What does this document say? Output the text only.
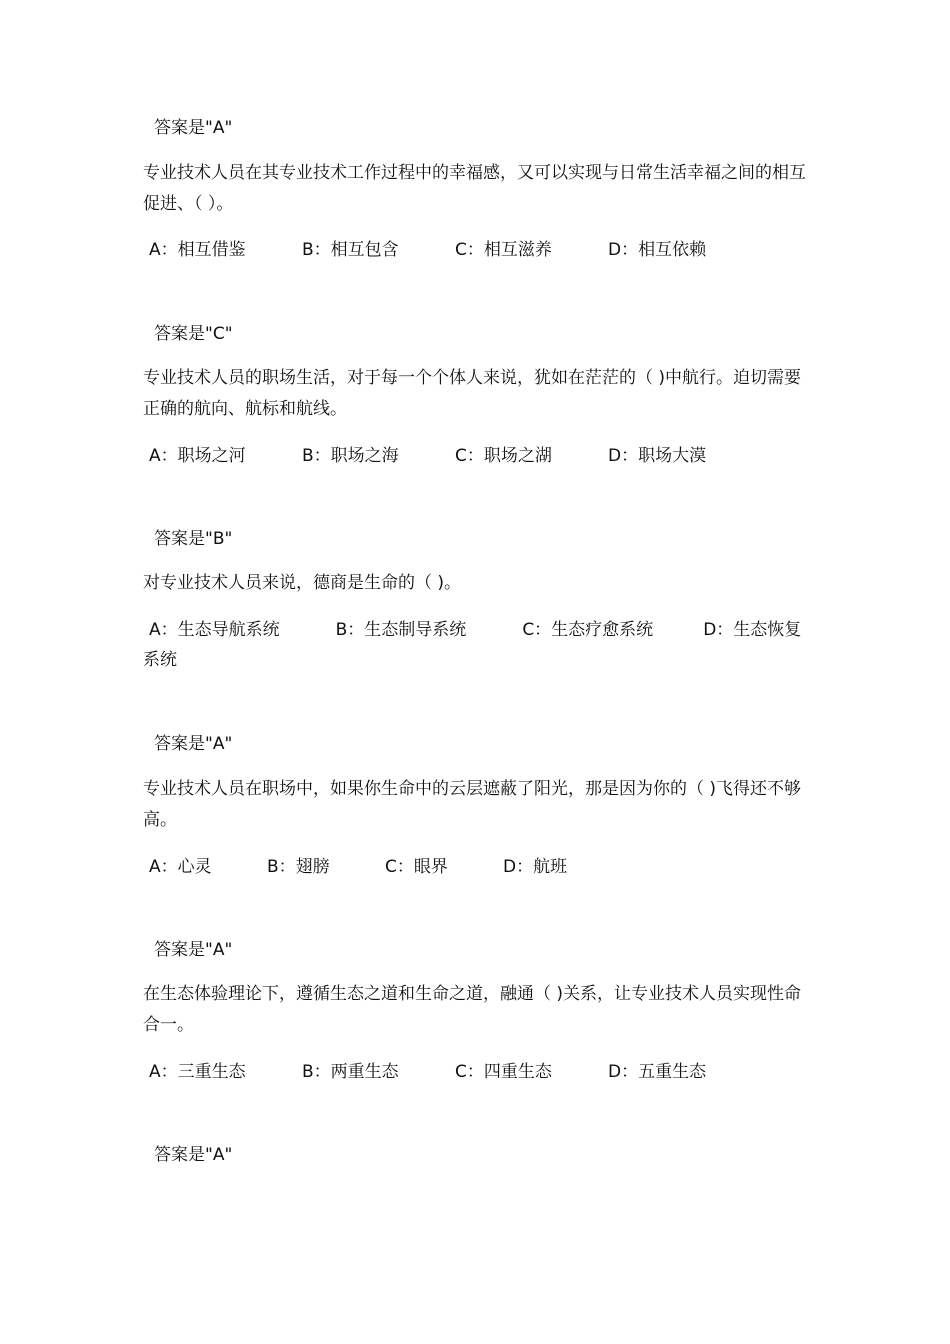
答案是"A"
专业技术人员在其专业技术工作过程中的幸福感，又可以实现与日常生活幸福之间的相互促进、（ ）。
A：相互借鉴	B：相互包含	C：相互滋养	D：相互依赖
答案是"C"
专业技术人员的职场生活，对于每一个个体人来说，犹如在茫茫的（ )中航行。迫切需要正确的航向、航标和航线。
A：职场之河	B：职场之海	C：职场之湖	D：职场大漠
答案是"B"
对专业技术人员来说，德商是生命的（ )。
A：生态导航系统	B：生态制导系统	C：生态疗愈系统	D：生态恢复系统
答案是"A"
专业技术人员在职场中，如果你生命中的云层遮蔽了阳光，那是因为你的（ )飞得还不够高。
A：心灵	B：翅膀	C：眼界	D：航班
答案是"A"
在生态体验理论下，遵循生态之道和生命之道，融通（ )关系，让专业技术人员实现性命合一。
A：三重生态	B：两重生态	C：四重生态	D：五重生态
答案是"A"
